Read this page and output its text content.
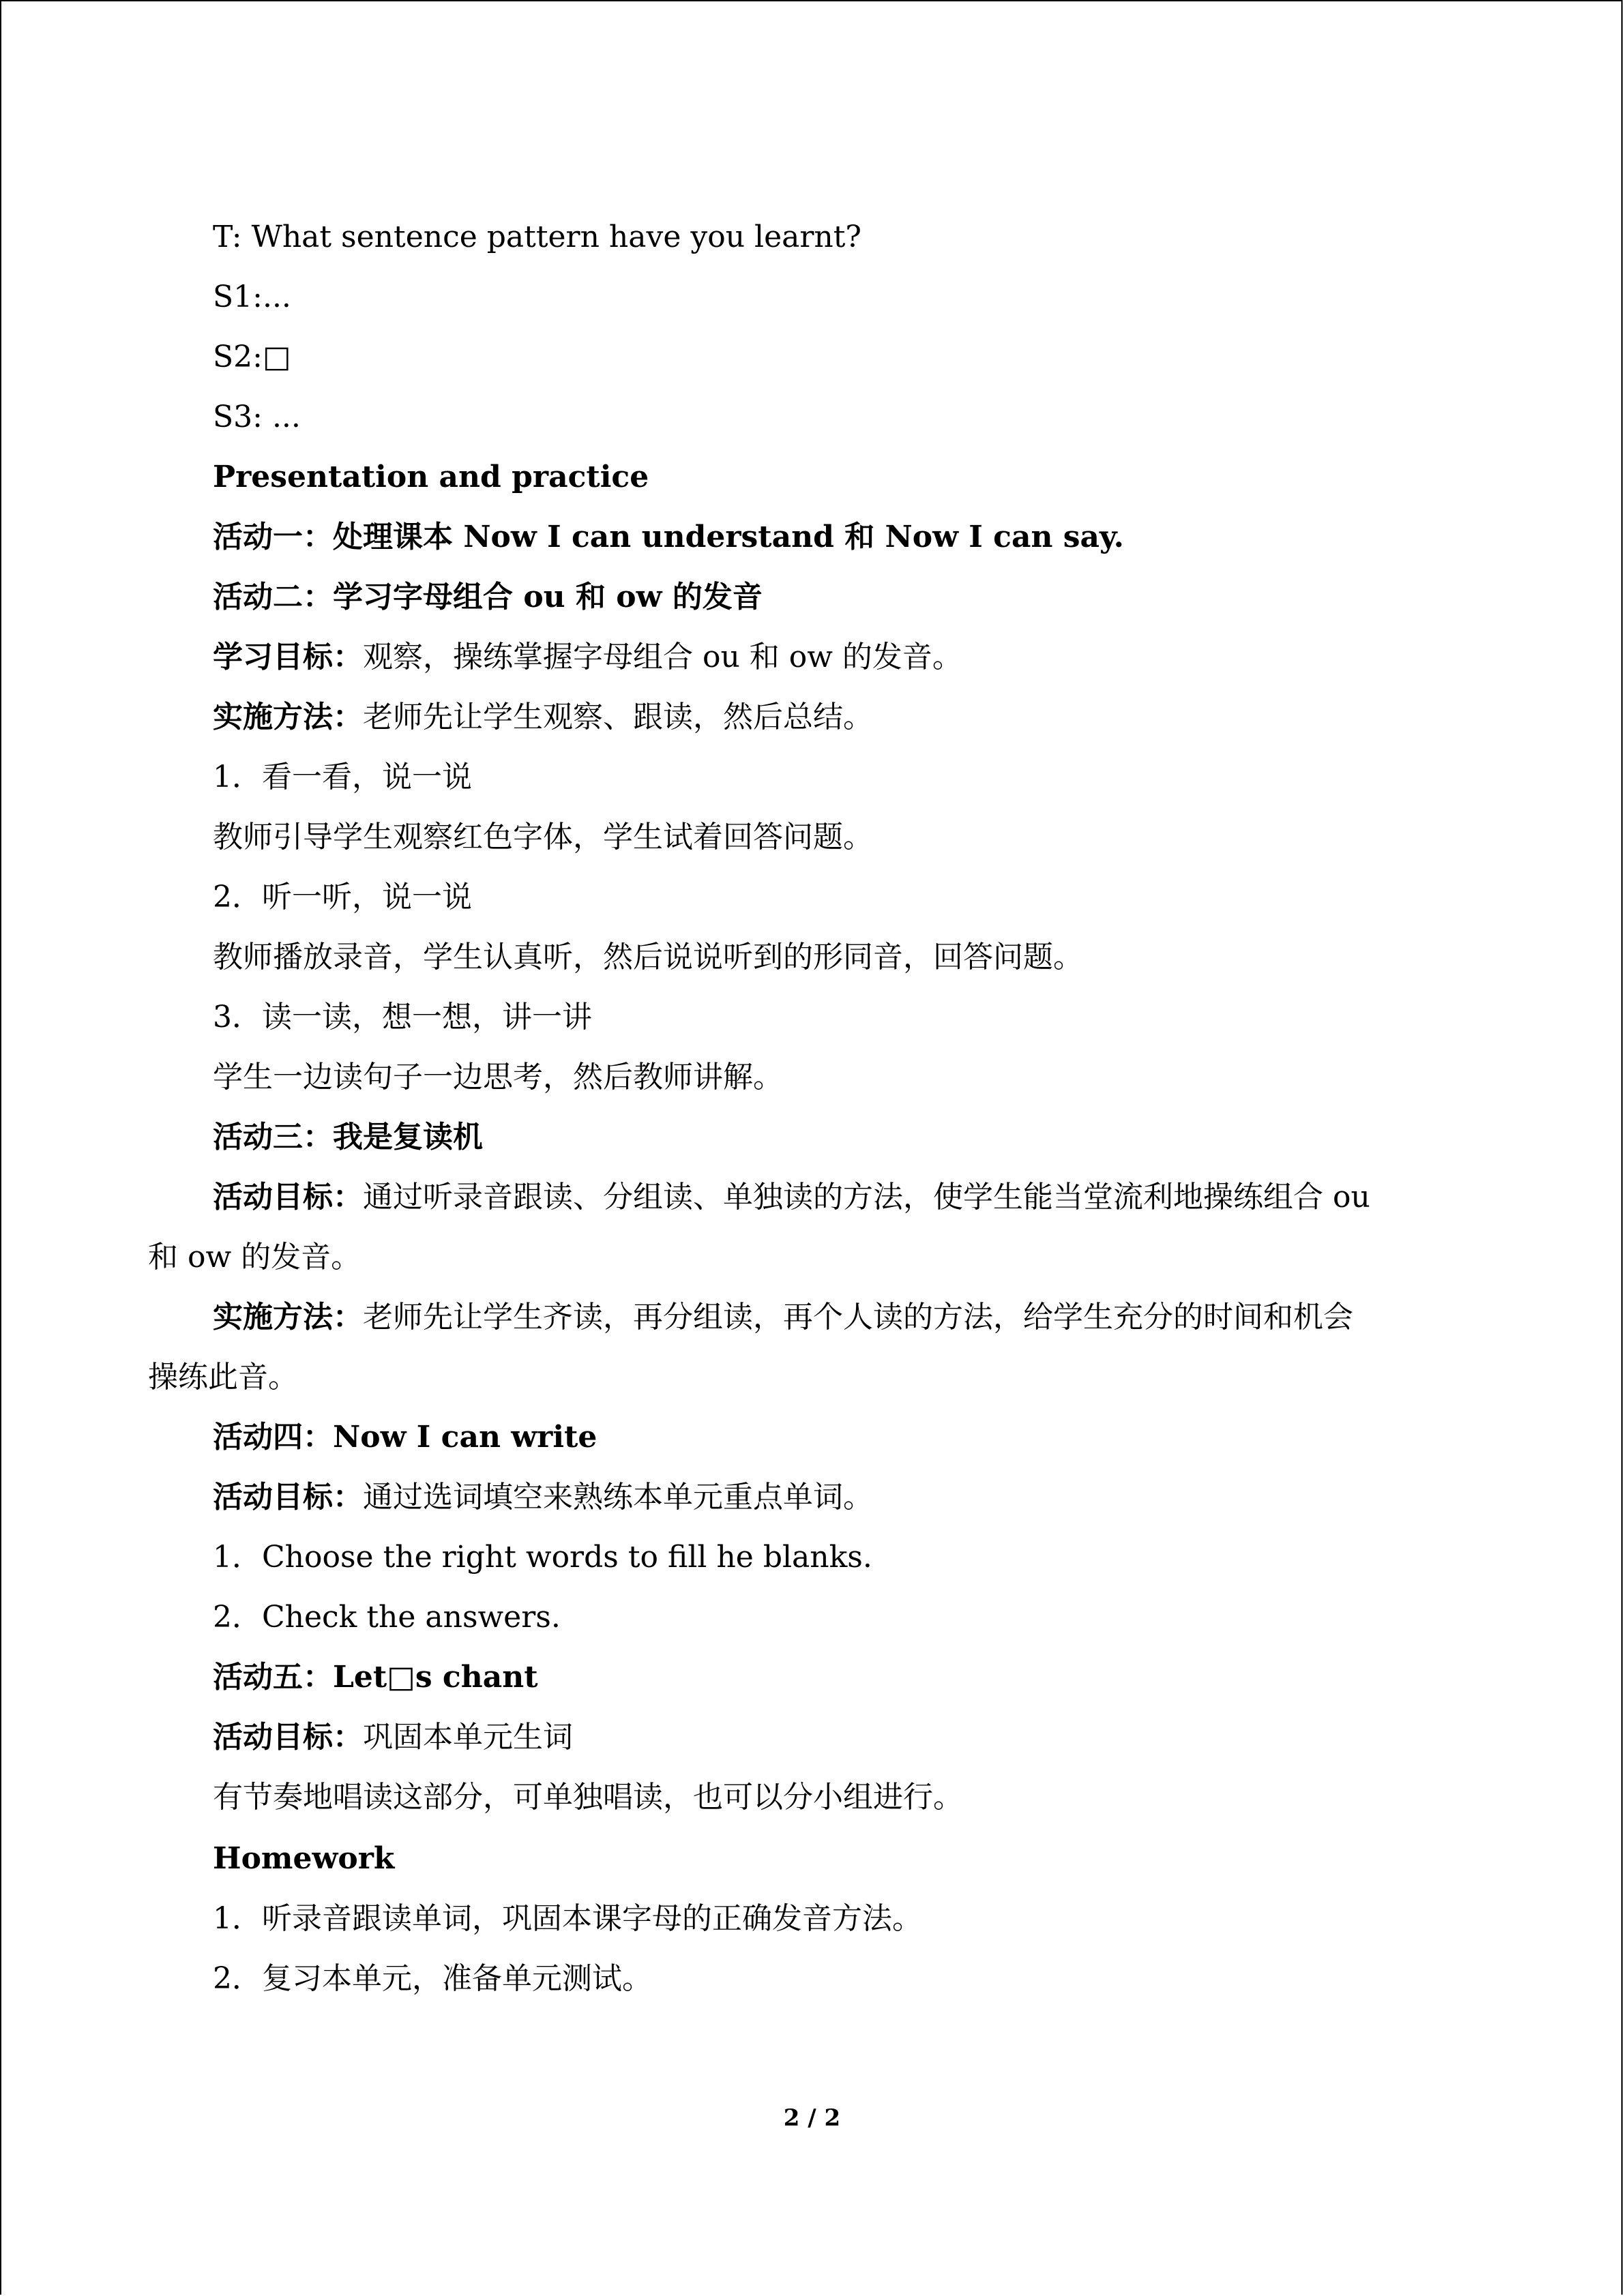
T: What sentence pattern have you learnt?
S1:...
S2:□
S3: ...
Presentation and practice
活动一：处理课本 Now I can understand 和 Now I can say.
活动二：学习字母组合 ou 和 ow 的发音
学习目标：观察，操练掌握字母组合 ou 和 ow 的发音。
实施方法：老师先让学生观察、跟读，然后总结。
1．看一看，说一说
教师引导学生观察红色字体，学生试着回答问题。
2．听一听，说一说
教师播放录音，学生认真听，然后说说听到的形同音，回答问题。
3．读一读，想一想，讲一讲
学生一边读句子一边思考，然后教师讲解。
活动三：我是复读机
活动目标：通过听录音跟读、分组读、单独读的方法，使学生能当堂流利地操练组合 ou
和 ow 的发音。
实施方法：老师先让学生齐读，再分组读，再个人读的方法，给学生充分的时间和机会
操练此音。
活动四：Now I can write
活动目标：通过选词填空来熟练本单元重点单词。
1．Choose the right words to fill he blanks.
2．Check the answers.
活动五：Let□s chant
活动目标：巩固本单元生词
有节奏地唱读这部分，可单独唱读，也可以分小组进行。
Homework
1．听录音跟读单词，巩固本课字母的正确发音方法。
2．复习本单元，准备单元测试。
2 / 2
